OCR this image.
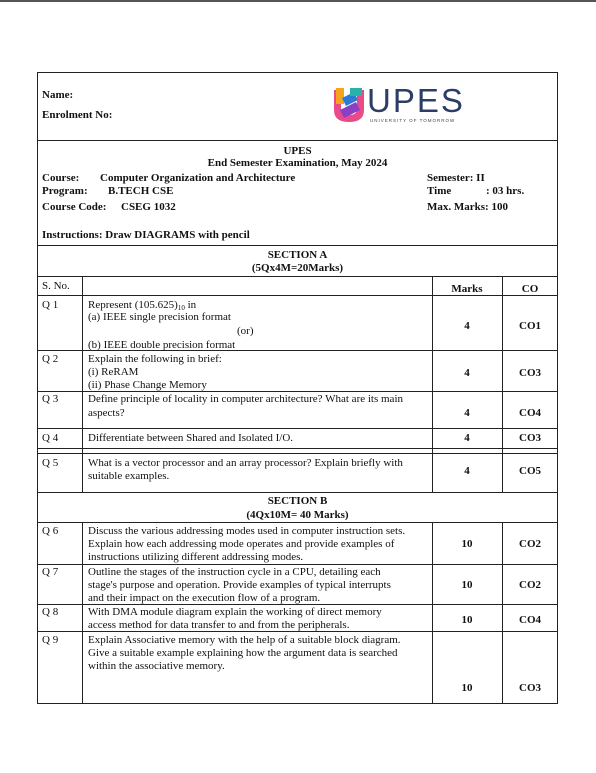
Name:
Enrolment No:	UPES
UNIVERSITY OF TOMORROW
UPES
End Semester Examination, May 2024
Course: Computer Organization and Architecture
Program: B.TECH CSE
Course Code: CSEG 1032
Semester: II
Time	: 03 hrs.
Max. Marks: 100
Instructions: Draw DIAGRAMS with pencil
SECTION A
(5Qx4M=20Marks)
S. No.	Marks	CO
Q 1	Represent $(105.625)_{10}$ in
(a) IEEE single precision format
(or)
(b) IEEE double precision format
4	CO1
Q 2	Explain the following in brief:
(i) ReRAM
(ii) Phase Change Memory
4	CO3
Q 3	Define principle of locality in computer architecture? What are its main
aspects?	4	CO4
Q 4	Differentiate between Shared and Isolated I/O.	4	CO3
Q 5	What is a vector processor and an array processor? Explain briefly with
suitable examples.	4	CO5
SECTION B
(4Qx10M= 40 Marks)
Q 6	Discuss the various addressing modes used in computer instruction sets.
Explain how each addressing mode operates and provide examples of
instructions utilizing different addressing modes.
10	CO2
Q 7	Outline the stages of the instruction cycle in a CPU, detailing each
stage's purpose and operation. Provide examples of typical interrupts
and their impact on the execution flow of a program.
10	CO2
Q 8	With DMA module diagram explain the working of direct memory
access method for data transfer to and from the peripherals.	10	CO4
Q 9	Explain Associative memory with the help of a suitable block diagram.
Give a suitable example explaining how the argument data is searched
within the associative memory.
10	CO3
